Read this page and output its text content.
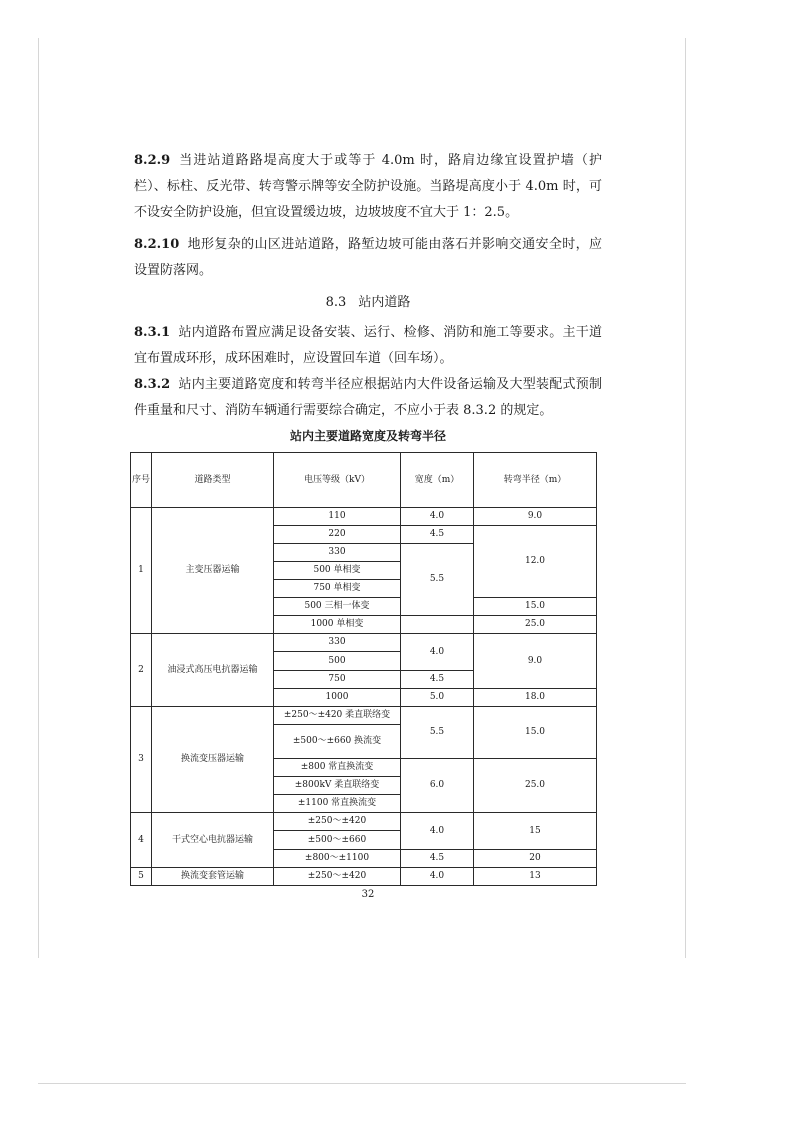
8.2.9 当进站道路路堤高度大于或等于 4.0m 时，路肩边缘宜设置护墙（护栏）、标柱、反光带、转弯警示牌等安全防护设施。当路堤高度小于 4.0m 时，可不设安全防护设施，但宜设置缓边坡，边坡坡度不宜大于 1：2.5。

8.2.10 地形复杂的山区进站道路，路堑边坡可能由落石并影响交通安全时，应设置防落网。

8.3 站内道路

8.3.1 站内道路布置应满足设备安装、运行、检修、消防和施工等要求。主干道宜布置成环形，成环困难时，应设置回车道（回车场）。

8.3.2 站内主要道路宽度和转弯半径应根据站内大件设备运输及大型装配式预制件重量和尺寸、消防车辆通行需要综合确定，不应小于表 8.3.2 的规定。

站内主要道路宽度及转弯半径
序号	道路类型	电压等级（kV）	宽度（m）	转弯半径（m）
1	主变压器运输	110	4.0	9.0
		220	4.5	12.0
		330	5.5	
		500 单相变		
		750 单相变		
		500 三相一体变		15.0
		1000 单相变		25.0
2	油浸式高压电抗器运输	330	4.0	9.0
		500		
		750	4.5	
		1000	5.0	18.0
3	换流变压器运输	±250～±420 柔直联络变	5.5	15.0
		±500～±660 换流变		
		±800 常直换流变	6.0	25.0
		±800kV 柔直联络变		
		±1100 常直换流变		
4	干式空心电抗器运输	±250～±420	4.0	15
		±500～±660		
		±800～±1100	4.5	20
5	换流变套管运输	±250～±420	4.0	13
32
